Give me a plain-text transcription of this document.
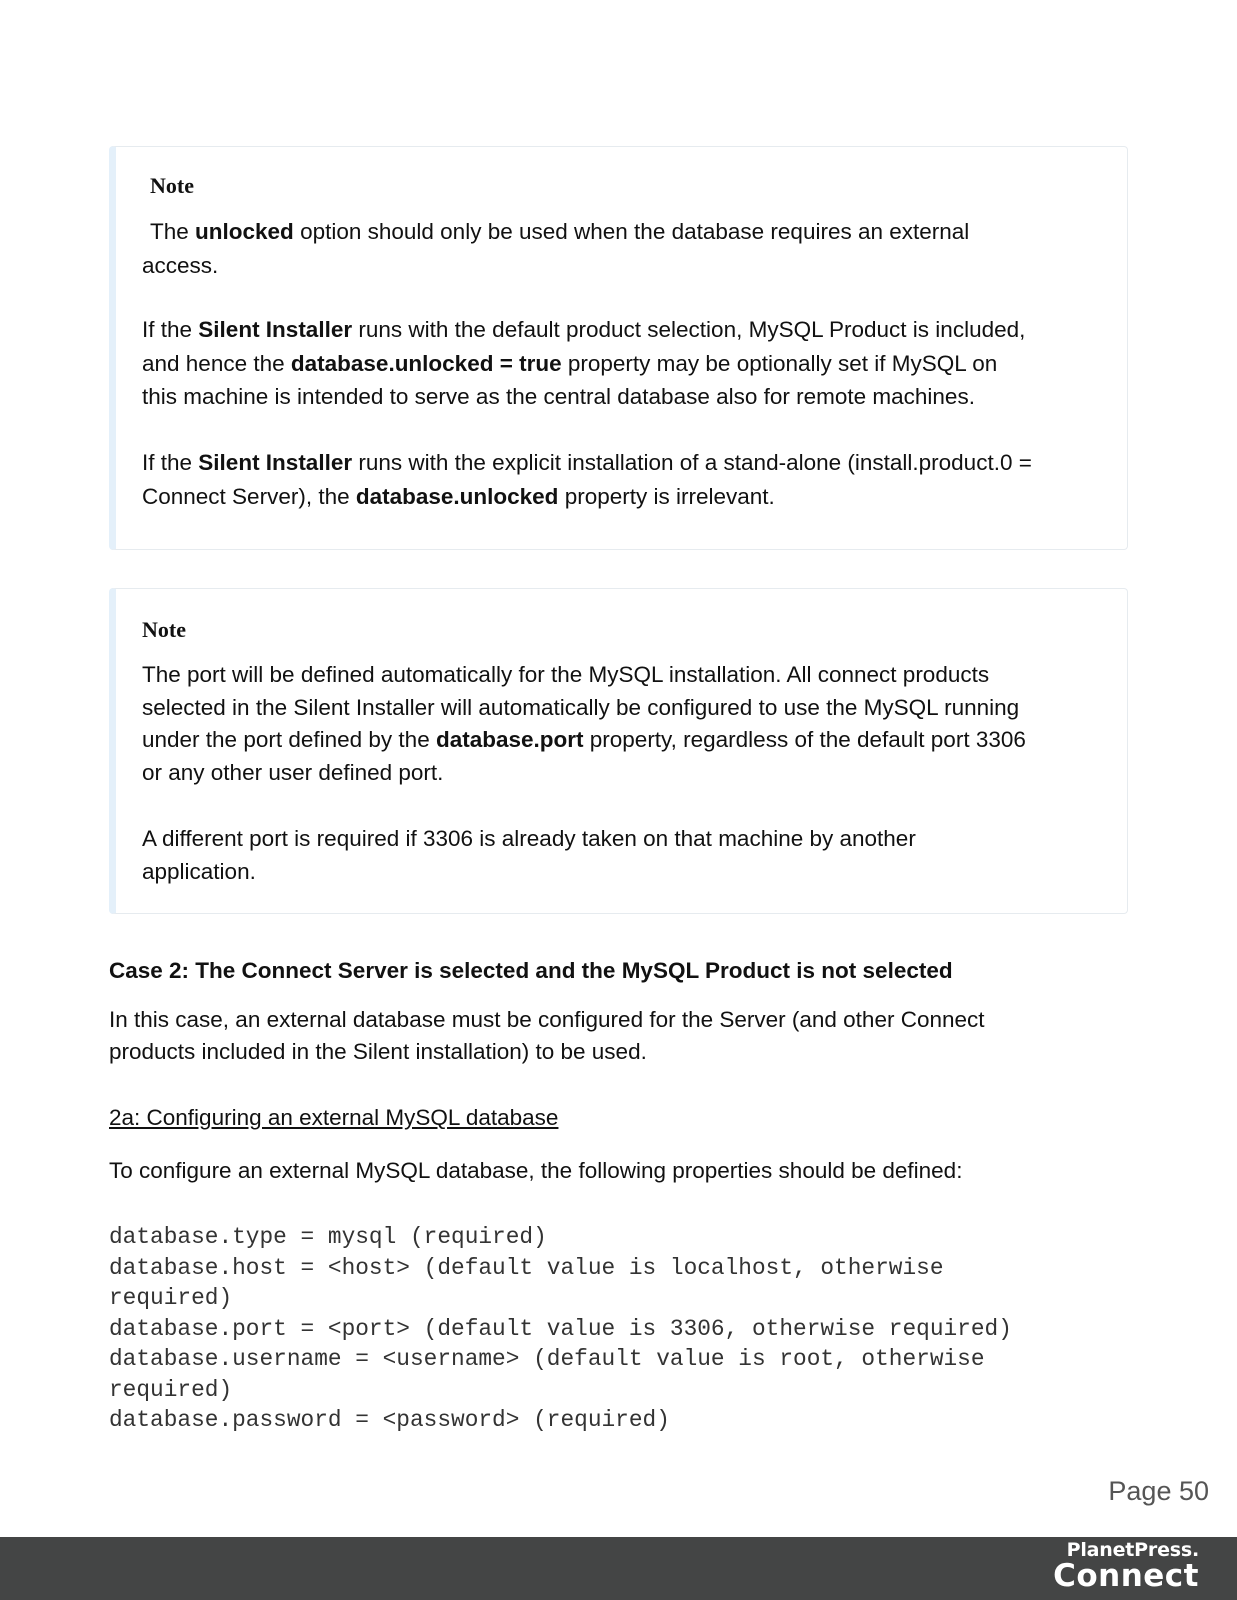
Note

The unlocked option should only be used when the database requires an external
access.

If the Silent Installer runs with the default product selection, MySQL Product is included,
and hence the database.unlocked = true property may be optionally set if MySQL on
this machine is intended to serve as the central database also for remote machines.

If the Silent Installer runs with the explicit installation of a stand-alone (install.product.0 =
Connect Server), the database.unlocked property is irrelevant.

Note

The port will be defined automatically for the MySQL installation. All connect products
selected in the Silent Installer will automatically be configured to use the MySQL running
under the port defined by the database.port property, regardless of the default port 3306
or any other user defined port.

A different port is required if 3306 is already taken on that machine by another
application.

Case 2: The Connect Server is selected and the MySQL Product is not selected

In this case, an external database must be configured for the Server (and other Connect
products included in the Silent installation) to be used.

2a: Configuring an external MySQL database

To configure an external MySQL database, the following properties should be defined:

database.type = mysql (required)
database.host = <host> (default value is localhost, otherwise
required)
database.port = <port> (default value is 3306, otherwise required)
database.username = <username> (default value is root, otherwise
required)
database.password = <password> (required)
Page 50
PlanetPress.
Connect
